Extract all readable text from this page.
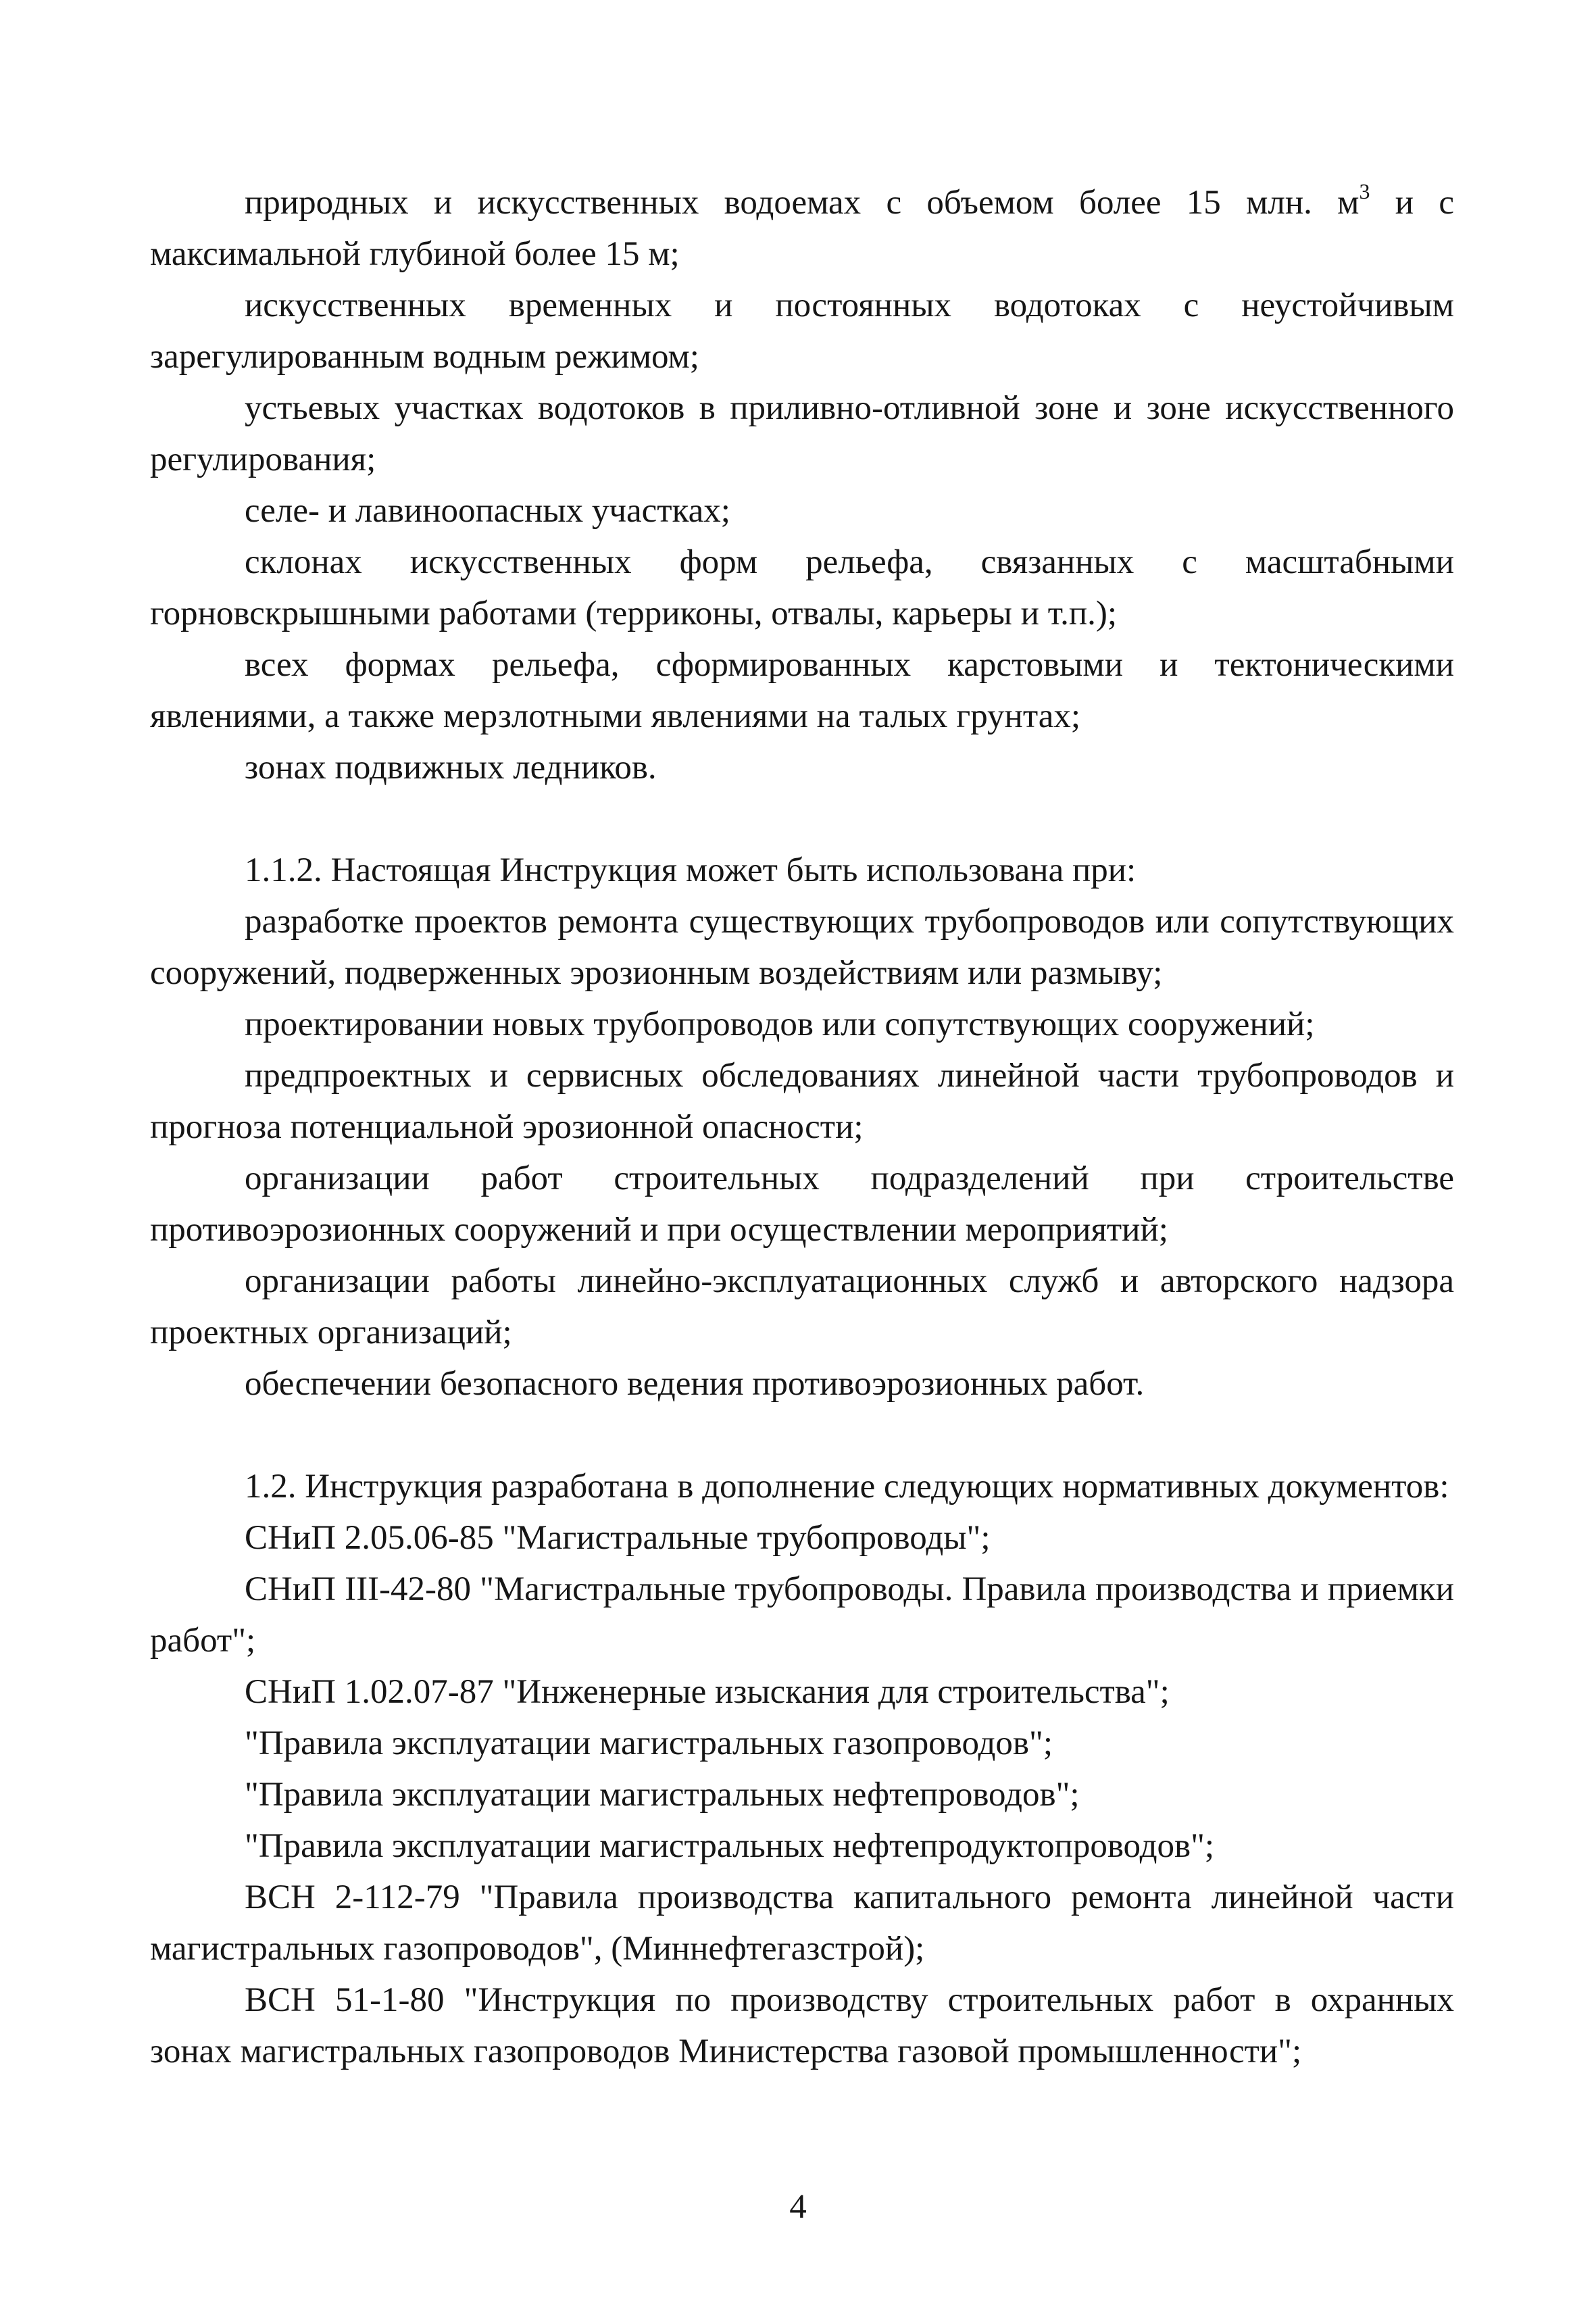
природных и искусственных водоемах с объемом более 15 млн. $м^3$ и с максимальной глубиной более 15 м;

искусственных временных и постоянных водотоках с неустойчивым зарегулированным водным режимом;

устьевых участках водотоков в приливно-отливной зоне и зоне искусственного регулирования;

селе- и лавиноопасных участках;

склонах искусственных форм рельефа, связанных с масштабными горновскрышными работами (терриконы, отвалы, карьеры и т.п.);

всех формах рельефа, сформированных карстовыми и тектоническими явлениями, а также мерзлотными явлениями на талых грунтах;

зонах подвижных ледников.

1.1.2. Настоящая Инструкция может быть использована при:

разработке проектов ремонта существующих трубопроводов или сопутствующих сооружений, подверженных эрозионным воздействиям или размыву;

проектировании новых трубопроводов или сопутствующих сооружений;

предпроектных и сервисных обследованиях линейной части трубопроводов и прогноза потенциальной эрозионной опасности;

организации работ строительных подразделений при строительстве противоэрозионных сооружений и при осуществлении мероприятий;

организации работы линейно-эксплуатационных служб и авторского надзора проектных организаций;

обеспечении безопасного ведения противоэрозионных работ.

1.2. Инструкция разработана в дополнение следующих нормативных документов:

СНиП 2.05.06-85 "Магистральные трубопроводы";

СНиП III-42-80 "Магистральные трубопроводы. Правила производства и приемки работ";

СНиП 1.02.07-87 "Инженерные изыскания для строительства";

"Правила эксплуатации магистральных газопроводов";

"Правила эксплуатации магистральных нефтепроводов";

"Правила эксплуатации магистральных нефтепродуктопроводов";

ВСН 2-112-79 "Правила производства капитального ремонта линейной части магистральных газопроводов", (Миннефтегазстрой);

ВСН 51-1-80 "Инструкция по производству строительных работ в охранных зонах магистральных газопроводов Министерства газовой промышленности";

4
